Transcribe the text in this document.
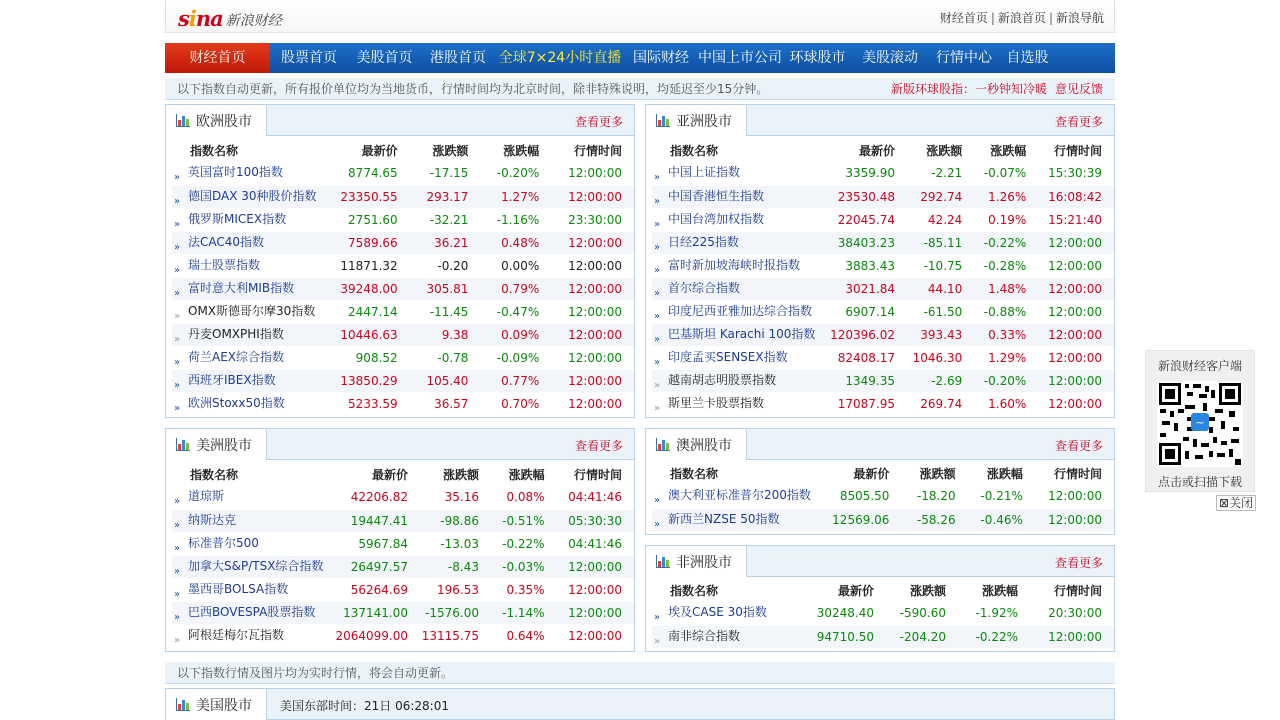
sina 新浪财经	财经首页 | 新浪首页 | 新浪导航
财经首页	股票首页	美股首页	港股首页 全球7×24小时直播 国际财经 中国上市公司 环球股市	美股滚动	行情中心	自选股
以下指数自动更新，所有报价单位均为当地货币，行情时间均为北京时间，除非特殊说明，均延迟至少15分钟。	新版环球股指：一秒钟知冷暖 意见反馈
欧洲股市	查看更多
指数名称	最新价	涨跌额	涨跌幅	行情时间
» 英国富时100指数	8774.65	-17.15	-0.20%	12:00:00
» 德国DAX 30种股价指数	23350.55	293.17	1.27%	12:00:00
» 俄罗斯MICEX指数	2751.60	-32.21	-1.16%	23:30:00
» 法CAC40指数	7589.66	36.21	0.48%	12:00:00
» 瑞士股票指数	11871.32	-0.20	0.00%	12:00:00
» 富时意大利MIB指数	39248.00	305.81	0.79%	12:00:00
» OMX斯德哥尔摩30指数	2447.14	-11.45	-0.47%	12:00:00
» 丹麦OMXPHI指数	10446.63	9.38	0.09%	12:00:00
» 荷兰AEX综合指数	908.52	-0.78	-0.09%	12:00:00
» 西班牙IBEX指数	13850.29	105.40	0.77%	12:00:00
» 欧洲Stoxx50指数	5233.59	36.57	0.70%	12:00:00
亚洲股市	查看更多
指数名称	最新价	涨跌额	涨跌幅	行情时间
» 中国上证指数	3359.90	-2.21	-0.07%	15:30:39
» 中国香港恒生指数	23530.48	292.74	1.26%	16:08:42
» 中国台湾加权指数	22045.74	42.24	0.19%	15:21:40
» 日经225指数	38403.23	-85.11	-0.22%	12:00:00
» 富时新加坡海峡时报指数	3883.43	-10.75	-0.28%	12:00:00
» 首尔综合指数	3021.84	44.10	1.48%	12:00:00
» 印度尼西亚雅加达综合指数	6907.14	-61.50	-0.88%	12:00:00
» 巴基斯坦 Karachi 100指数	120396.02	393.43	0.33%	12:00:00
» 印度孟买SENSEX指数	82408.17	1046.30	1.29%	12:00:00
» 越南胡志明股票指数	1349.35	-2.69	-0.20%	12:00:00
» 斯里兰卡股票指数	17087.95	269.74	1.60%	12:00:00
美洲股市	查看更多
指数名称	最新价	涨跌额	涨跌幅	行情时间
» 道琼斯	42206.82	35.16	0.08%	04:41:46
» 纳斯达克	19447.41	-98.86	-0.51%	05:30:30
» 标准普尔500	5967.84	-13.03	-0.22%	04:41:46
» 加拿大S&P/TSX综合指数	26497.57	-8.43	-0.03%	12:00:00
» 墨西哥BOLSA指数	56264.69	196.53	0.35%	12:00:00
» 巴西BOVESPA股票指数	137141.00	-1576.00	-1.14%	12:00:00
» 阿根廷梅尔瓦指数	2064099.00	13115.75	0.64%	12:00:00
澳洲股市	查看更多
指数名称	最新价	涨跌额	涨跌幅	行情时间
» 澳大利亚标准普尔200指数	8505.50	-18.20	-0.21%	12:00:00
» 新西兰NZSE 50指数	12569.06	-58.26	-0.46%	12:00:00
非洲股市	查看更多
指数名称	最新价	涨跌额	涨跌幅	行情时间
» 埃及CASE 30指数	30248.40	-590.60	-1.92%	20:30:00
» 南非综合指数	94710.50	-204.20	-0.22%	12:00:00
以下指数行情及图片均为实时行情，将会自动更新。
美国股市 美国东部时间：21日 06:28:01
新浪财经客户端
~
点击或扫描下载
⊠关闭
